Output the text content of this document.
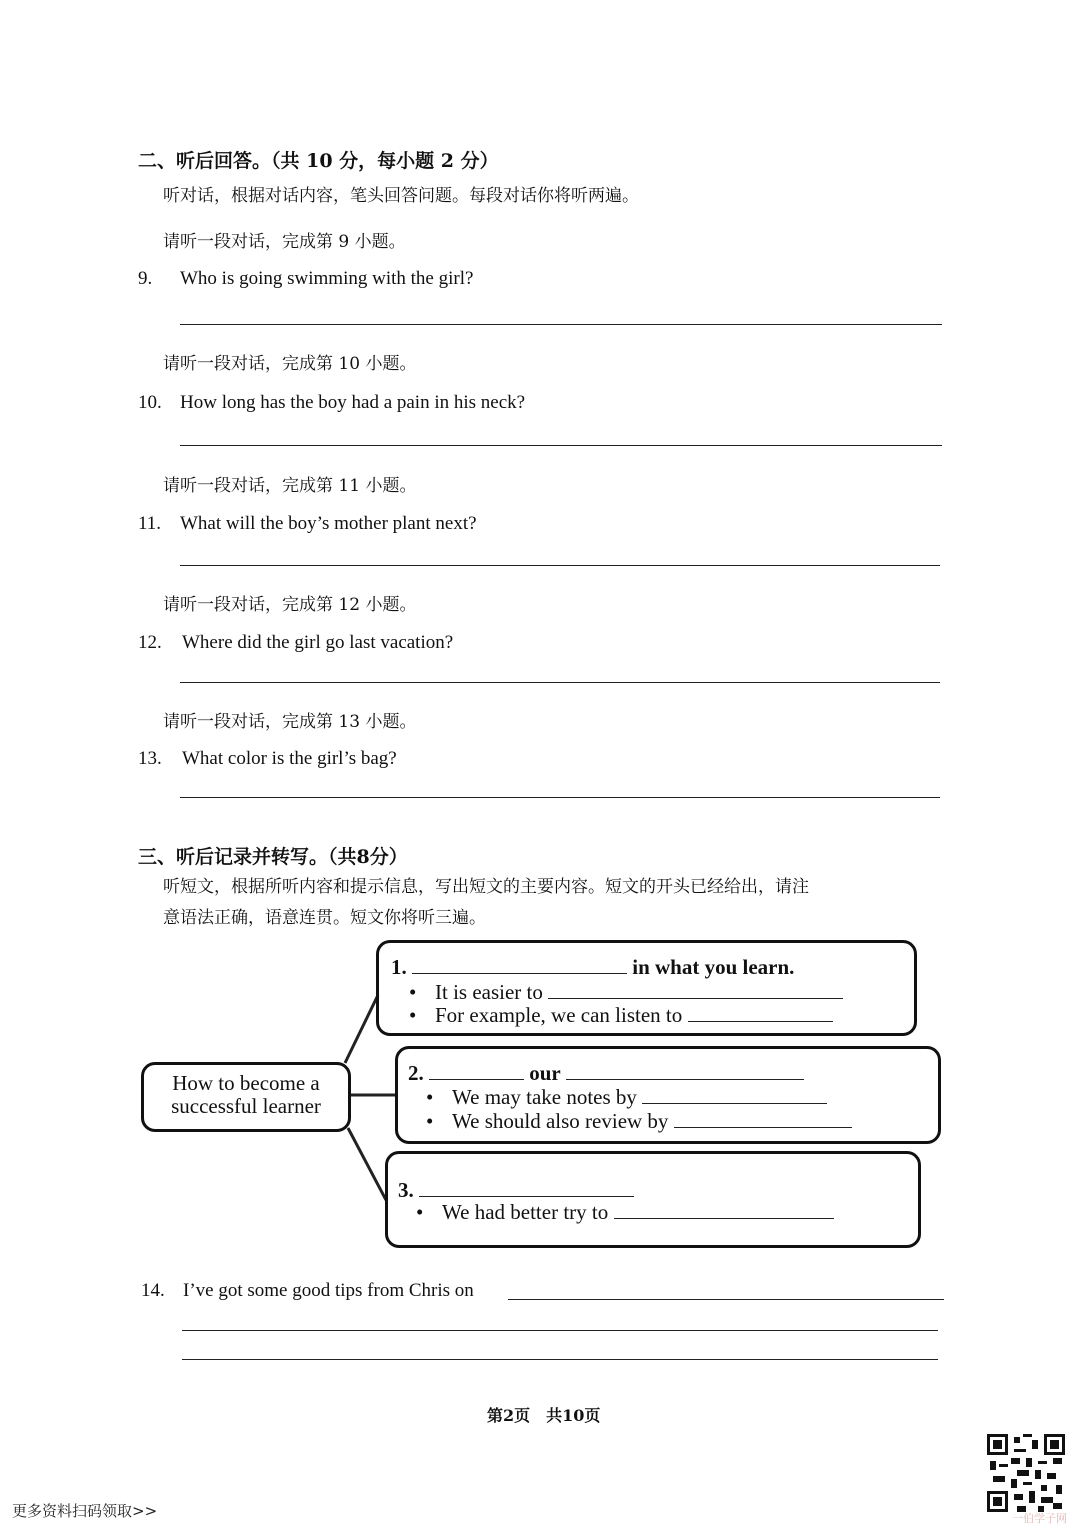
二、听后回答。（共 10 分，每小题 2 分）
听对话，根据对话内容，笔头回答问题。每段对话你将听两遍。
请听一段对话，完成第 9 小题。
9. Who is going swimming with the girl?
请听一段对话，完成第 10 小题。
10. How long has the boy had a pain in his neck?
请听一段对话，完成第 11 小题。
11. What will the boy’s mother plant next?
请听一段对话，完成第 12 小题。
12. Where did the girl go last vacation?
请听一段对话，完成第 13 小题。
13. What color is the girl’s bag?
三、听后记录并转写。（共8分）
听短文，根据所听内容和提示信息，写出短文的主要内容。短文的开头已经给出，请注
意语法正确，语意连贯。短文你将听三遍。
How to become a
successful learner
1.	in what you learn.
• It is easier to
• For example, we can listen to
2.	our
• We may take notes by
• We should also review by
3.
• We had better try to
14. I’ve got some good tips from Chris on
第2页　共10页
一伯学子网
更多资料扫码领取>>
